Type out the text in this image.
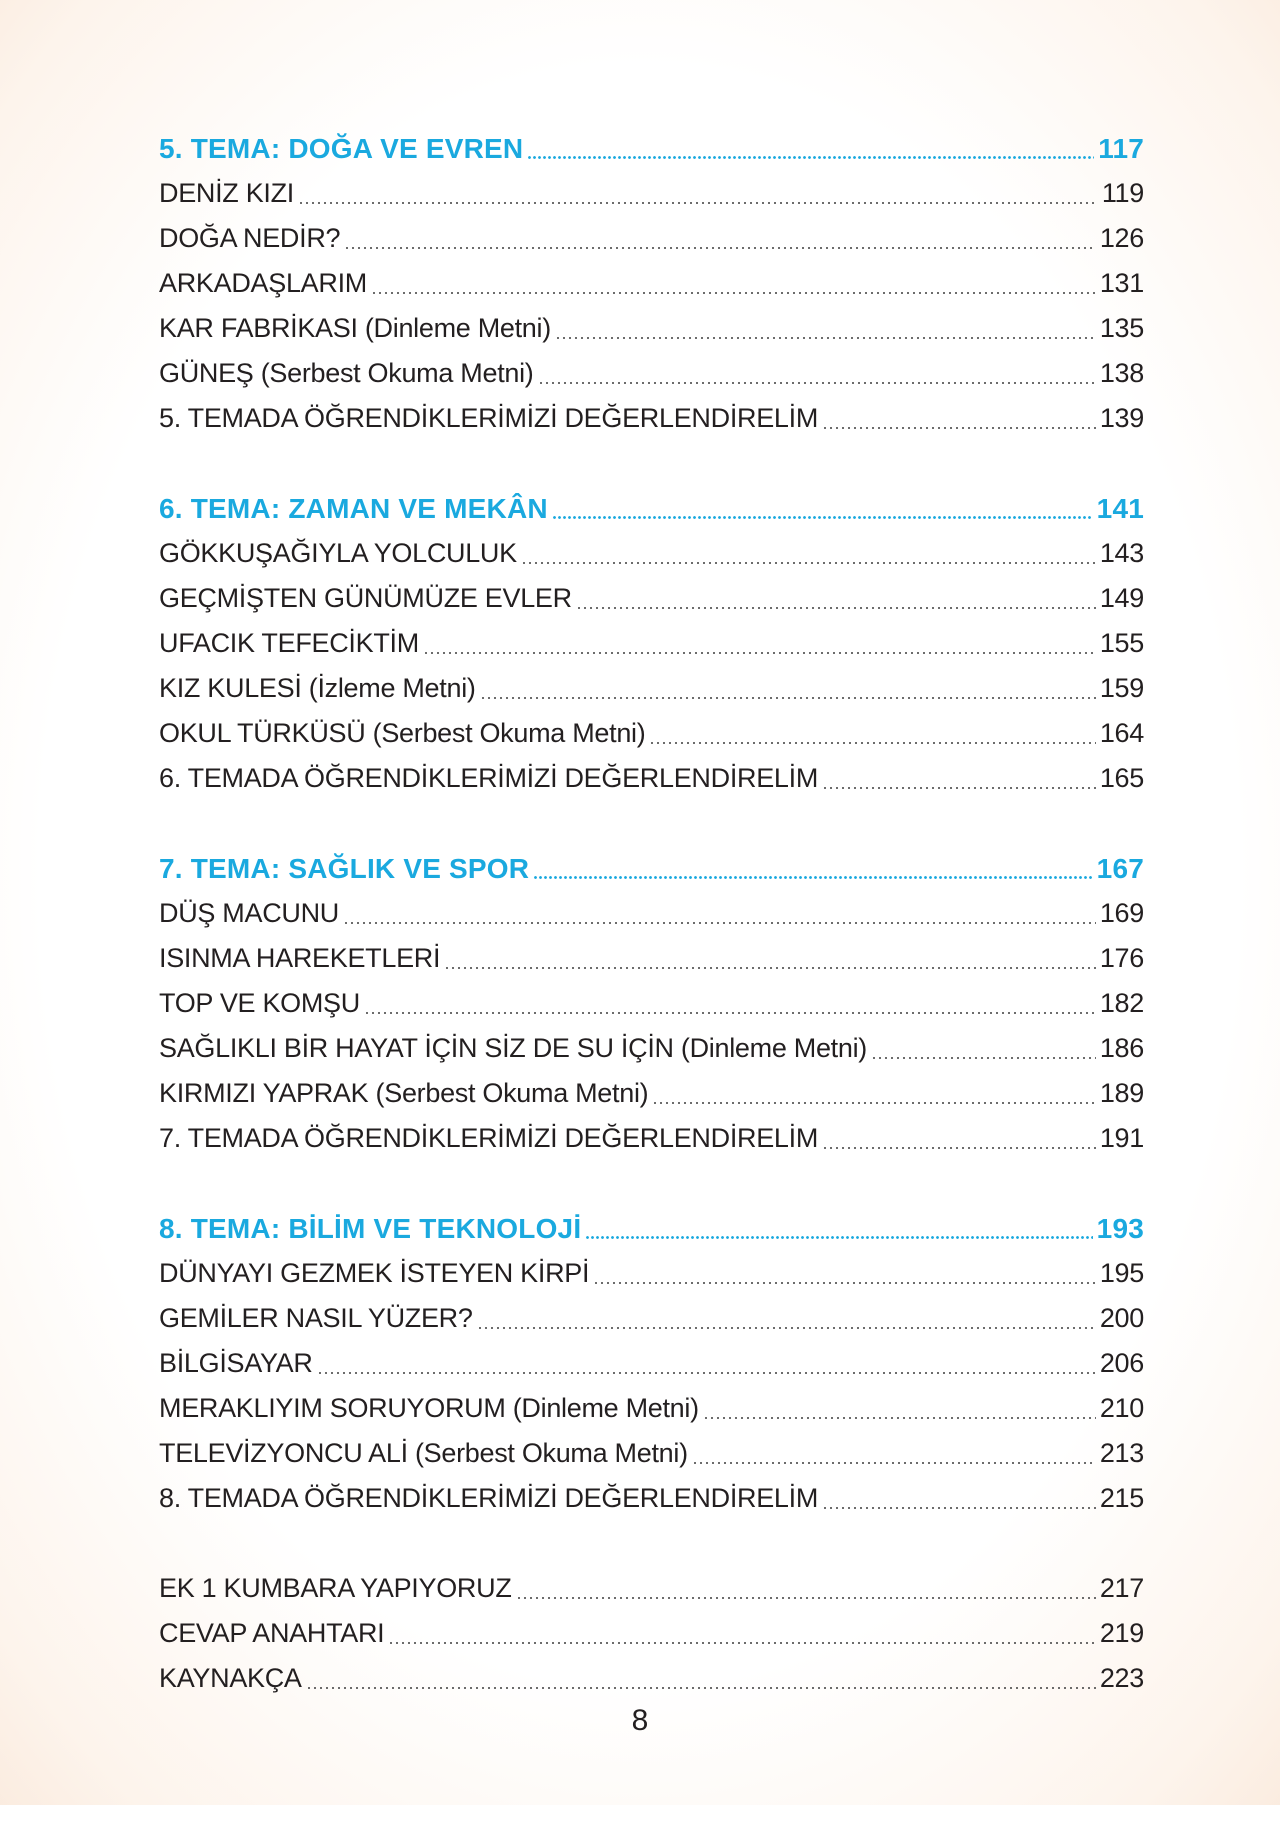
5. TEMA: DOĞA VE EVREN	117
DENİZ KIZI	119
DOĞA NEDİR?	126
ARKADAŞLARIM	131
KAR FABRİKASI (Dinleme Metni)	135
GÜNEŞ (Serbest Okuma Metni)	138
5. TEMADA ÖĞRENDİKLERİMİZİ DEĞERLENDİRELİM	139
6. TEMA: ZAMAN VE MEKÂN	141
GÖKKUŞAĞIYLA YOLCULUK	143
GEÇMİŞTEN GÜNÜMÜZE EVLER	149
UFACIK TEFECİKTİM	155
KIZ KULESİ (İzleme Metni)	159
OKUL TÜRKÜSÜ (Serbest Okuma Metni)	164
6. TEMADA ÖĞRENDİKLERİMİZİ DEĞERLENDİRELİM	165
7. TEMA: SAĞLIK VE SPOR	167
DÜŞ MACUNU	169
ISINMA HAREKETLERİ	176
TOP VE KOMŞU	182
SAĞLIKLI BİR HAYAT İÇİN SİZ DE SU İÇİN (Dinleme Metni)	186
KIRMIZI YAPRAK (Serbest Okuma Metni)	189
7. TEMADA ÖĞRENDİKLERİMİZİ DEĞERLENDİRELİM	191
8. TEMA: BİLİM VE TEKNOLOJİ	193
DÜNYAYI GEZMEK İSTEYEN KİRPİ	195
GEMİLER NASIL YÜZER?	200
BİLGİSAYAR	206
MERAKLIYIM SORUYORUM (Dinleme Metni)	210
TELEVİZYONCU ALİ (Serbest Okuma Metni)	213
8. TEMADA ÖĞRENDİKLERİMİZİ DEĞERLENDİRELİM	215
EK 1 KUMBARA YAPIYORUZ	217
CEVAP ANAHTARI	219
KAYNAKÇA	223
8
